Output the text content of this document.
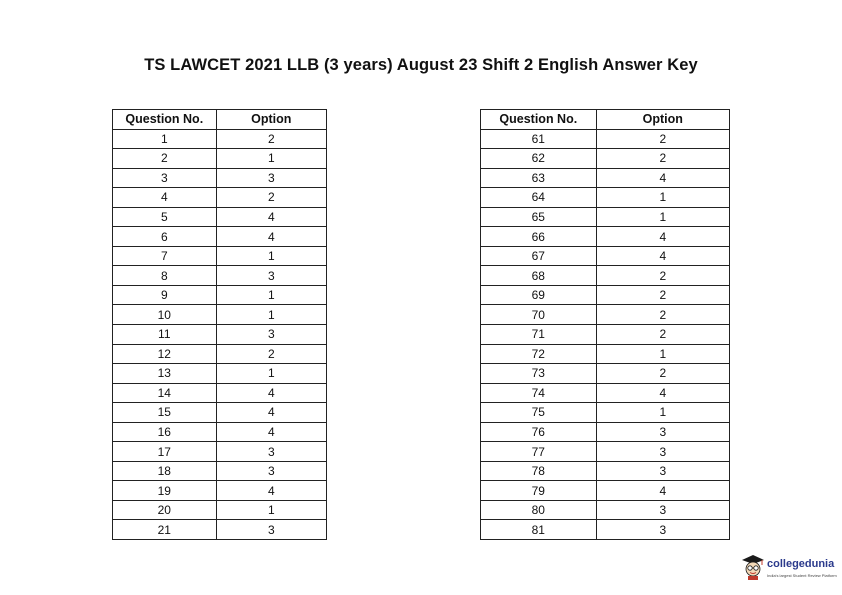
TS LAWCET 2021 LLB (3 years) August 23 Shift 2 English Answer Key
Question No.	Option
1	2
2	1
3	3
4	2
5	4
6	4
7	1
8	3
9	1
10	1
11	3
12	2
13	1
14	4
15	4
16	4
17	3
18	3
19	4
20	1
21	3
Question No.	Option
61	2
62	2
63	4
64	1
65	1
66	4
67	4
68	2
69	2
70	2
71	2
72	1
73	2
74	4
75	1
76	3
77	3
78	3
79	4
80	3
81	3
collegedunia
India's largest Student Review Platform
